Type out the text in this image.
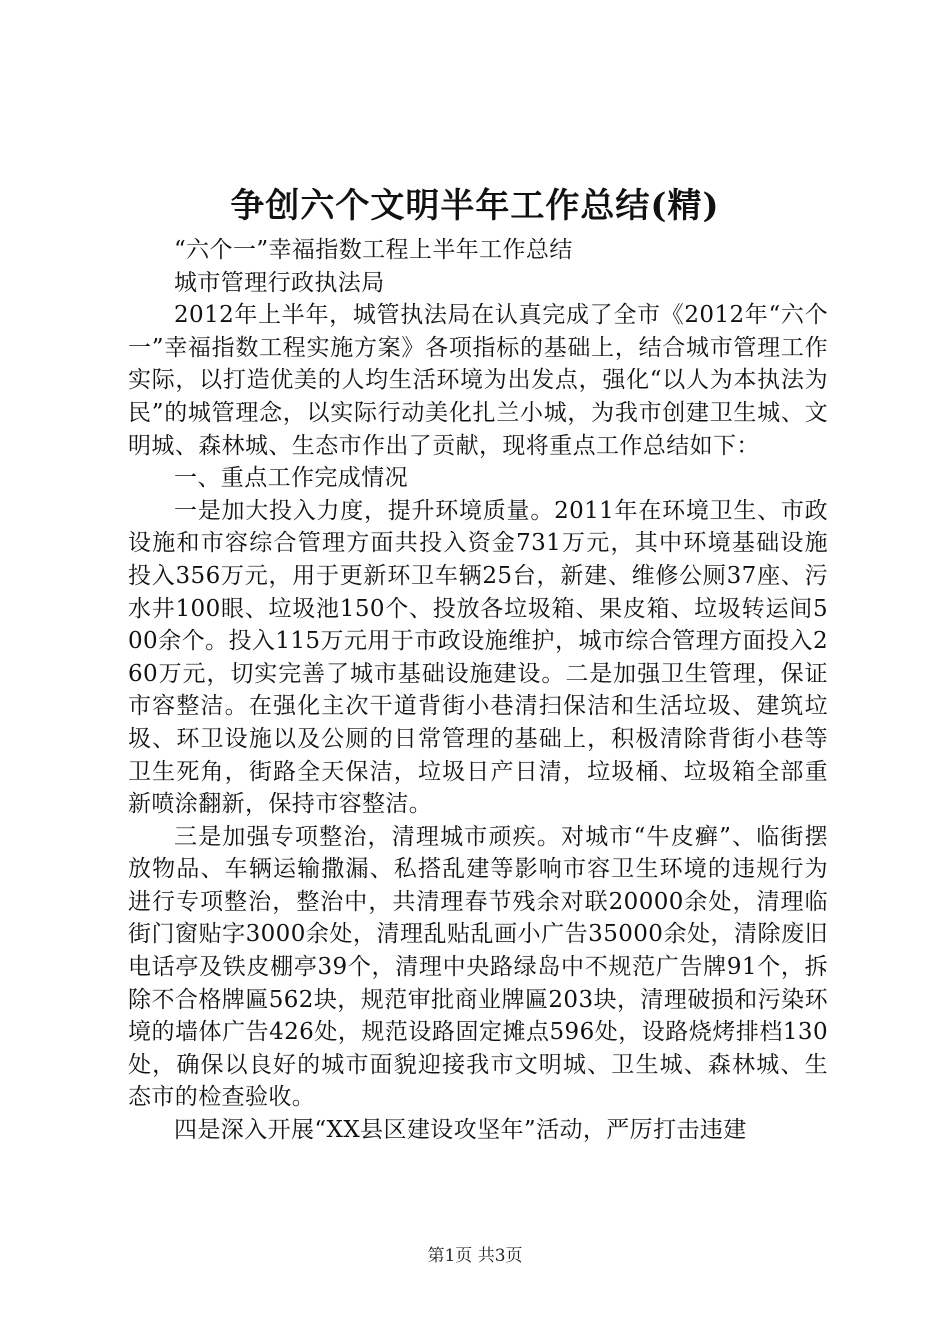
争创六个文明半年工作总结(精)

“六个一”幸福指数工程上半年工作总结

城市管理行政执法局

2012年上半年，城管执法局在认真完成了全市《2012年“六个一”幸福指数工程实施方案》各项指标的基础上，结合城市管理工作实际，以打造优美的人均生活环境为出发点，强化“以人为本执法为民”的城管理念，以实际行动美化扎兰小城，为我市创建卫生城、文明城、森林城、生态市作出了贡献，现将重点工作总结如下：

一、重点工作完成情况

一是加大投入力度，提升环境质量。2011年在环境卫生、市政设施和市容综合管理方面共投入资金731万元，其中环境基础设施投入356万元，用于更新环卫车辆25台，新建、维修公厕37座、污水井100眼、垃圾池150个、投放各垃圾箱、果皮箱、垃圾转运间500余个。投入115万元用于市政设施维护，城市综合管理方面投入260万元，切实完善了城市基础设施建设。二是加强卫生管理，保证市容整洁。在强化主次干道背街小巷清扫保洁和生活垃圾、建筑垃圾、环卫设施以及公厕的日常管理的基础上，积极清除背街小巷等卫生死角，街路全天保洁，垃圾日产日清，垃圾桶、垃圾箱全部重新喷涂翻新，保持市容整洁。

三是加强专项整治，清理城市顽疾。对城市“牛皮癣”、临街摆放物品、车辆运输撒漏、私搭乱建等影响市容卫生环境的违规行为进行专项整治，整治中，共清理春节残余对联20000余处，清理临街门窗贴字3000余处，清理乱贴乱画小广告35000余处，清除废旧电话亭及铁皮棚亭39个，清理中央路绿岛中不规范广告牌91个，拆除不合格牌匾562块，规范审批商业牌匾203块，清理破损和污染环境的墙体广告426处，规范设路固定摊点596处，设路烧烤排档130处，确保以良好的城市面貌迎接我市文明城、卫生城、森林城、生态市的检查验收。

四是深入开展“XX县区建设攻坚年”活动，严厉打击违建

第1页 共3页
